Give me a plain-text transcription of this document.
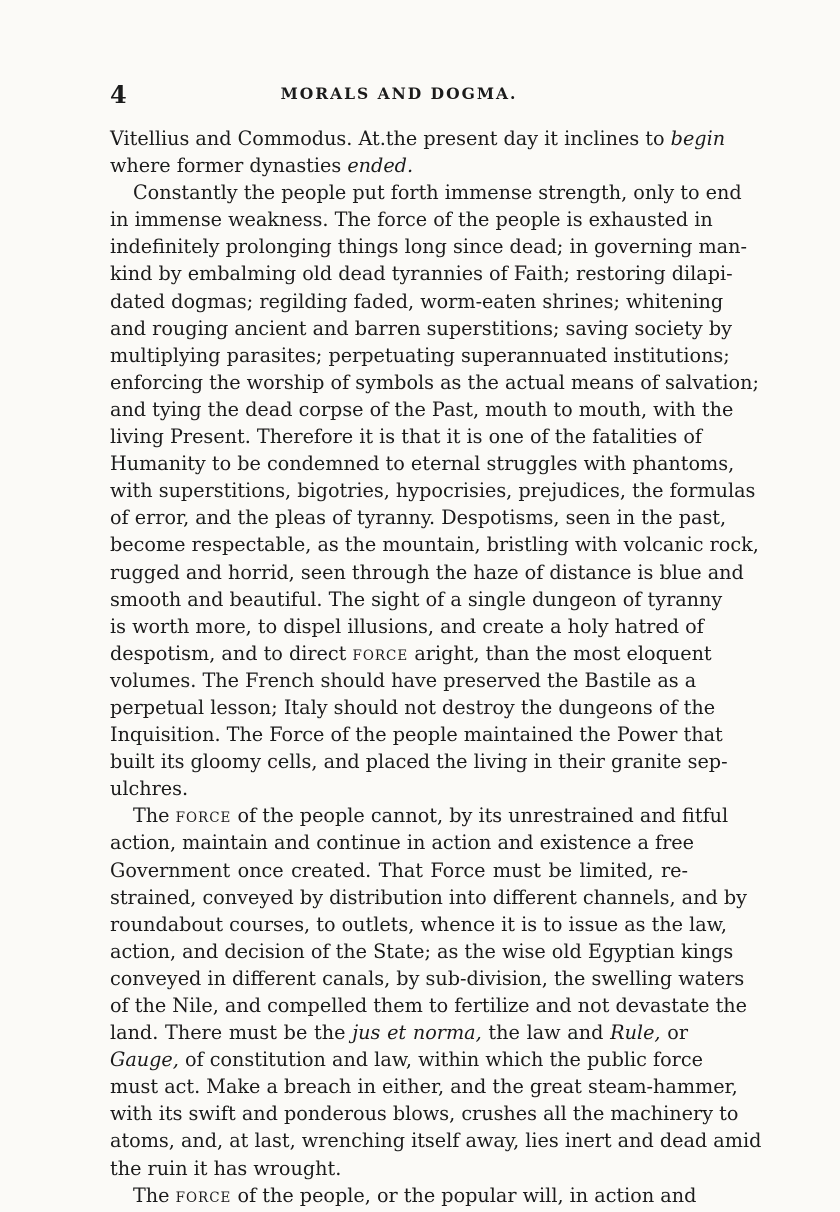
4	MORALS AND DOGMA.
Vitellius and Commodus. At.the present day it inclines to begin
where former dynasties ended.
Constantly the people put forth immense strength, only to end
in immense weakness. The force of the people is exhausted in
indefinitely prolonging things long since dead; in governing man-
kind by embalming old dead tyrannies of Faith; restoring dilapi-
dated dogmas; regilding faded, worm-eaten shrines; whitening
and rouging ancient and barren superstitions; saving society by
multiplying parasites; perpetuating superannuated institutions;
enforcing the worship of symbols as the actual means of salvation;
and tying the dead corpse of the Past, mouth to mouth, with the
living Present. Therefore it is that it is one of the fatalities of
Humanity to be condemned to eternal struggles with phantoms,
with superstitions, bigotries, hypocrisies, prejudices, the formulas
of error, and the pleas of tyranny. Despotisms, seen in the past,
become respectable, as the mountain, bristling with volcanic rock,
rugged and horrid, seen through the haze of distance is blue and
smooth and beautiful. The sight of a single dungeon of tyranny
is worth more, to dispel illusions, and create a holy hatred of
despotism, and to direct FORCE aright, than the most eloquent
volumes. The French should have preserved the Bastile as a
perpetual lesson; Italy should not destroy the dungeons of the
Inquisition. The Force of the people maintained the Power that
built its gloomy cells, and placed the living in their granite sep-
ulchres.
The FORCE of the people cannot, by its unrestrained and fitful
action, maintain and continue in action and existence a free
Government once created. That Force must be limited, re-
strained, conveyed by distribution into different channels, and by
roundabout courses, to outlets, whence it is to issue as the law,
action, and decision of the State; as the wise old Egyptian kings
conveyed in different canals, by sub-division, the swelling waters
of the Nile, and compelled them to fertilize and not devastate the
land. There must be the jus et norma, the law and Rule, or
Gauge, of constitution and law, within which the public force
must act. Make a breach in either, and the great steam-hammer,
with its swift and ponderous blows, crushes all the machinery to
atoms, and, at last, wrenching itself away, lies inert and dead amid
the ruin it has wrought.
The FORCE of the people, or the popular will, in action and
